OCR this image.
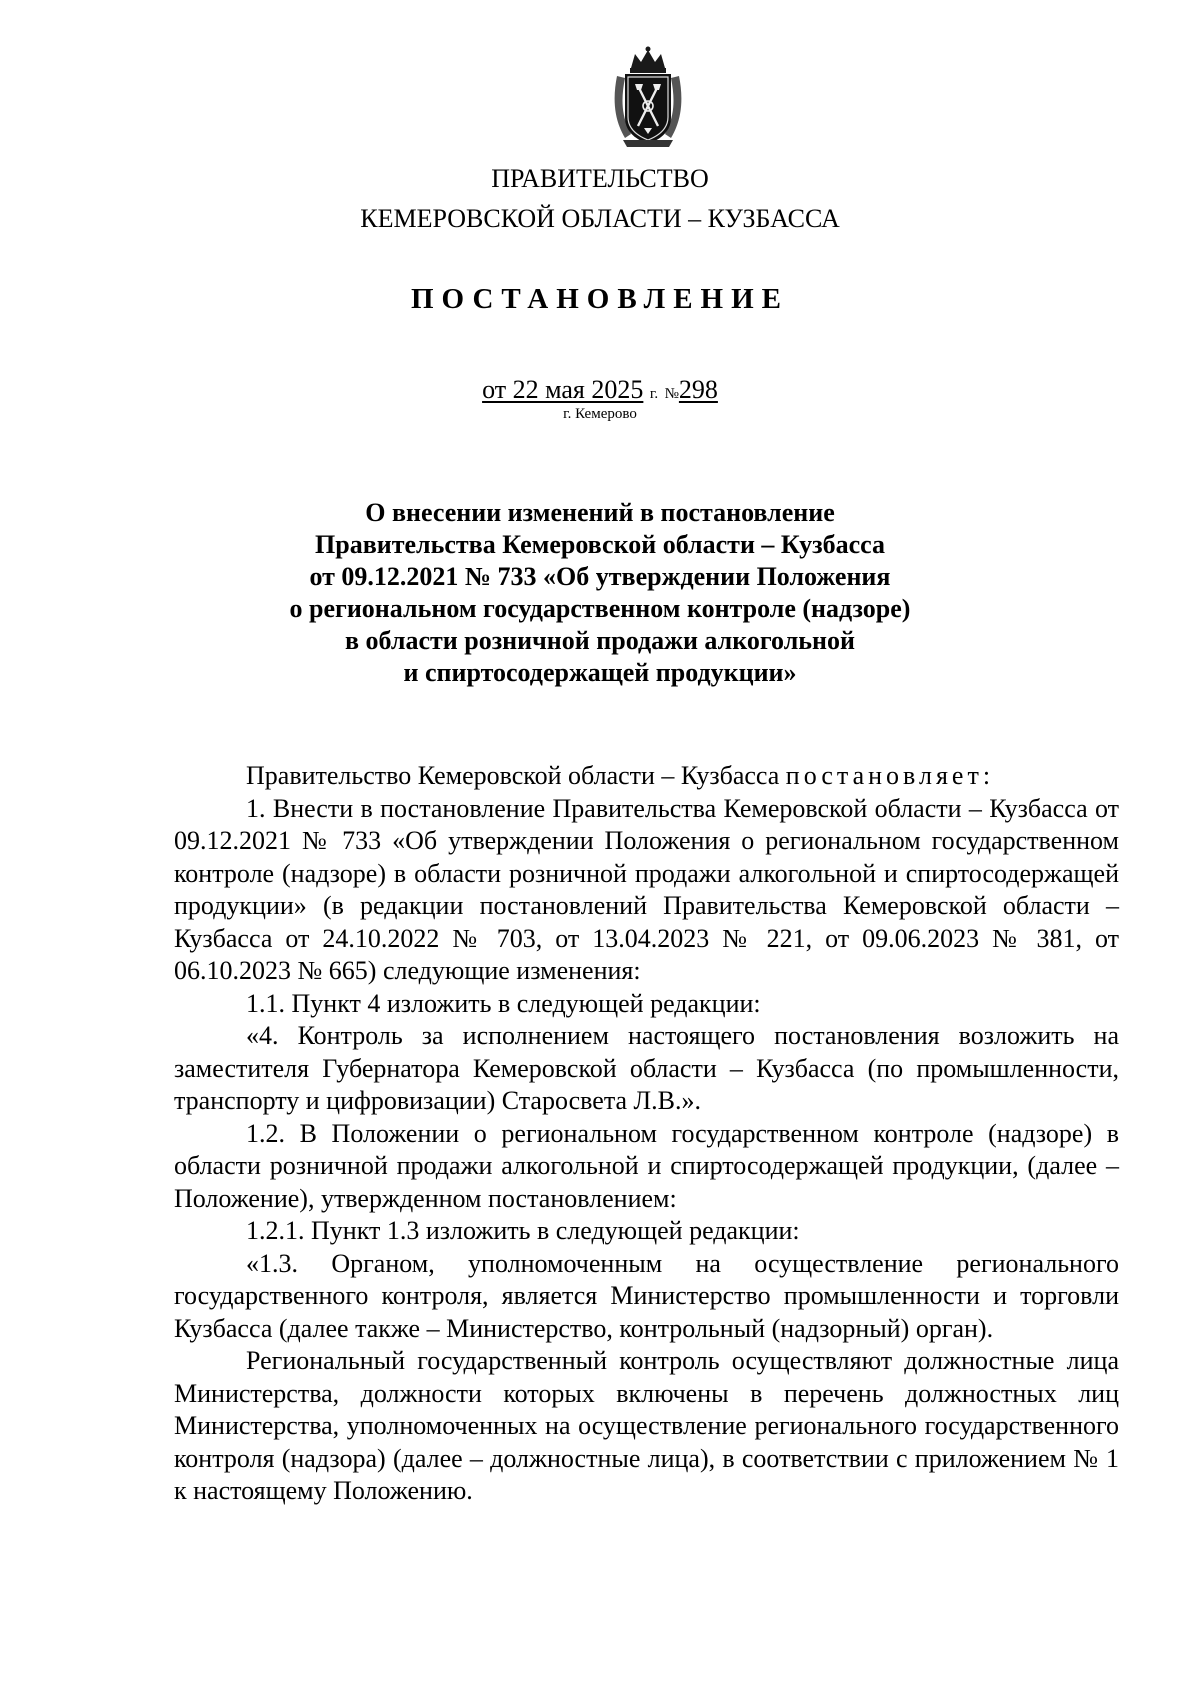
ПРАВИТЕЛЬСТВО
КЕМЕРОВСКОЙ ОБЛАСТИ – КУЗБАССА
ПОСТАНОВЛЕНИЕ
от 22 мая 2025 г. №298
г. Кемерово
О внесении изменений в постановление
Правительства Кемеровской области – Кузбасса
от 09.12.2021 № 733 «Об утверждении Положения
о региональном государственном контроле (надзоре)
в области розничной продажи алкогольной
и спиртосодержащей продукции»

Правительство Кемеровской области – Кузбасса постановляет:

1. Внести в постановление Правительства Кемеровской области – Кузбасса от 09.12.2021 № 733 «Об утверждении Положения о региональном государственном контроле (надзоре) в области розничной продажи алкогольной и спиртосодержащей продукции» (в редакции постановлений Правительства Кемеровской области – Кузбасса от 24.10.2022 № 703, от 13.04.2023 № 221, от 09.06.2023 № 381, от 06.10.2023 № 665) следующие изменения:

1.1. Пункт 4 изложить в следующей редакции:

«4. Контроль за исполнением настоящего постановления возложить на заместителя Губернатора Кемеровской области – Кузбасса (по промышленности, транспорту и цифровизации) Старосвета Л.В.».

1.2. В Положении о региональном государственном контроле (надзоре) в области розничной продажи алкогольной и спиртосодержащей продукции, (далее – Положение), утвержденном постановлением:

1.2.1. Пункт 1.3 изложить в следующей редакции:

«1.3. Органом, уполномоченным на осуществление регионального государственного контроля, является Министерство промышленности и торговли Кузбасса (далее также – Министерство, контрольный (надзорный) орган).

Региональный государственный контроль осуществляют должностные лица Министерства, должности которых включены в перечень должностных лиц Министерства, уполномоченных на осуществление регионального государственного контроля (надзора) (далее – должностные лица), в соответствии с приложением № 1 к настоящему Положению.
